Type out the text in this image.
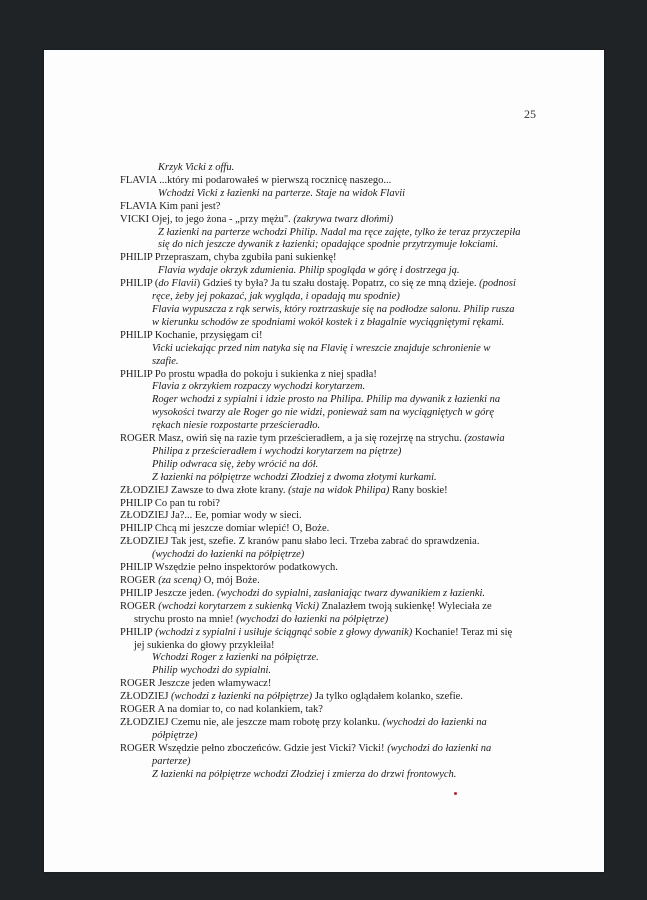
25
Krzyk Vicki z offu.
FLAVIA ...który mi podarowałeś w pierwszą rocznicę naszego...
Wchodzi Vicki z łazienki na parterze. Staje na widok Flavii
FLAVIA Kim pani jest?
VICKI Ojej, to jego żona - „przy mężu". (zakrywa twarz dłońmi)
Z łazienki na parterze wchodzi Philip. Nadal ma ręce zajęte, tylko że teraz przyczepiła
się do nich jeszcze dywanik z łazienki; opadające spodnie przytrzymuje łokciami.
PHILIP Przepraszam, chyba zgubiła pani sukienkę!
Flavia wydaje okrzyk zdumienia. Philip spogląda w górę i dostrzega ją.
PHILIP (do Flavii) Gdzieś ty była? Ja tu szału dostaję. Popatrz, co się ze mną dzieje. (podnosi
ręce, żeby jej pokazać, jak wygląda, i opadają mu spodnie)
Flavia wypuszcza z rąk serwis, który roztrzaskuje się na podłodze salonu. Philip rusza
w kierunku schodów ze spodniami wokół kostek i z błagalnie wyciągniętymi rękami.
PHILIP Kochanie, przysięgam ci!
Vicki uciekając przed nim natyka się na Flavię i wreszcie znajduje schronienie w
szafie.
PHILIP Po prostu wpadła do pokoju i sukienka z niej spadła!
Flavia z okrzykiem rozpaczy wychodzi korytarzem.
Roger wchodzi z sypialni i idzie prosto na Philipa. Philip ma dywanik z łazienki na
wysokości twarzy ale Roger go nie widzi, ponieważ sam na wyciągniętych w górę
rękach niesie rozpostarte prześcieradło.
ROGER Masz, owiń się na razie tym prześcieradłem, a ja się rozejrzę na strychu. (zostawia
Philipa z prześcieradłem i wychodzi korytarzem na piętrze)
Philip odwraca się, żeby wrócić na dół.
Z łazienki na półpiętrze wchodzi Złodziej z dwoma złotymi kurkami.
ZŁODZIEJ Zawsze to dwa złote krany. (staje na widok Philipa) Rany boskie!
PHILIP Co pan tu robi?
ZŁODZIEJ Ja?... Ee, pomiar wody w sieci.
PHILIP Chcą mi jeszcze domiar wlepić! O, Boże.
ZŁODZIEJ Tak jest, szefie. Z kranów panu słabo leci. Trzeba zabrać do sprawdzenia.
(wychodzi do łazienki na półpiętrze)
PHILIP Wszędzie pełno inspektorów podatkowych.
ROGER (za sceną) O, mój Boże.
PHILIP Jeszcze jeden. (wychodzi do sypialni, zasłaniając twarz dywanikiem z łazienki.
ROGER (wchodzi korytarzem z sukienką Vicki) Znalazłem twoją sukienkę! Wyleciała ze
strychu prosto na mnie! (wychodzi do łazienki na półpiętrze)
PHILIP (wchodzi z sypialni i usiłuje ściągnąć sobie z głowy dywanik) Kochanie! Teraz mi się
jej sukienka do głowy przykleiła!
Wchodzi Roger z łazienki na półpiętrze.
Philip wychodzi do sypialni.
ROGER Jeszcze jeden włamywacz!
ZŁODZIEJ (wchodzi z łazienki na półpiętrze) Ja tylko oglądałem kolanko, szefie.
ROGER A na domiar to, co nad kolankiem, tak?
ZŁODZIEJ Czemu nie, ale jeszcze mam robotę przy kolanku. (wychodzi do łazienki na
półpiętrze)
ROGER Wszędzie pełno zboczeńców. Gdzie jest Vicki? Vicki! (wychodzi do łazienki na
parterze)
Z łazienki na półpiętrze wchodzi Złodziej i zmierza do drzwi frontowych.
